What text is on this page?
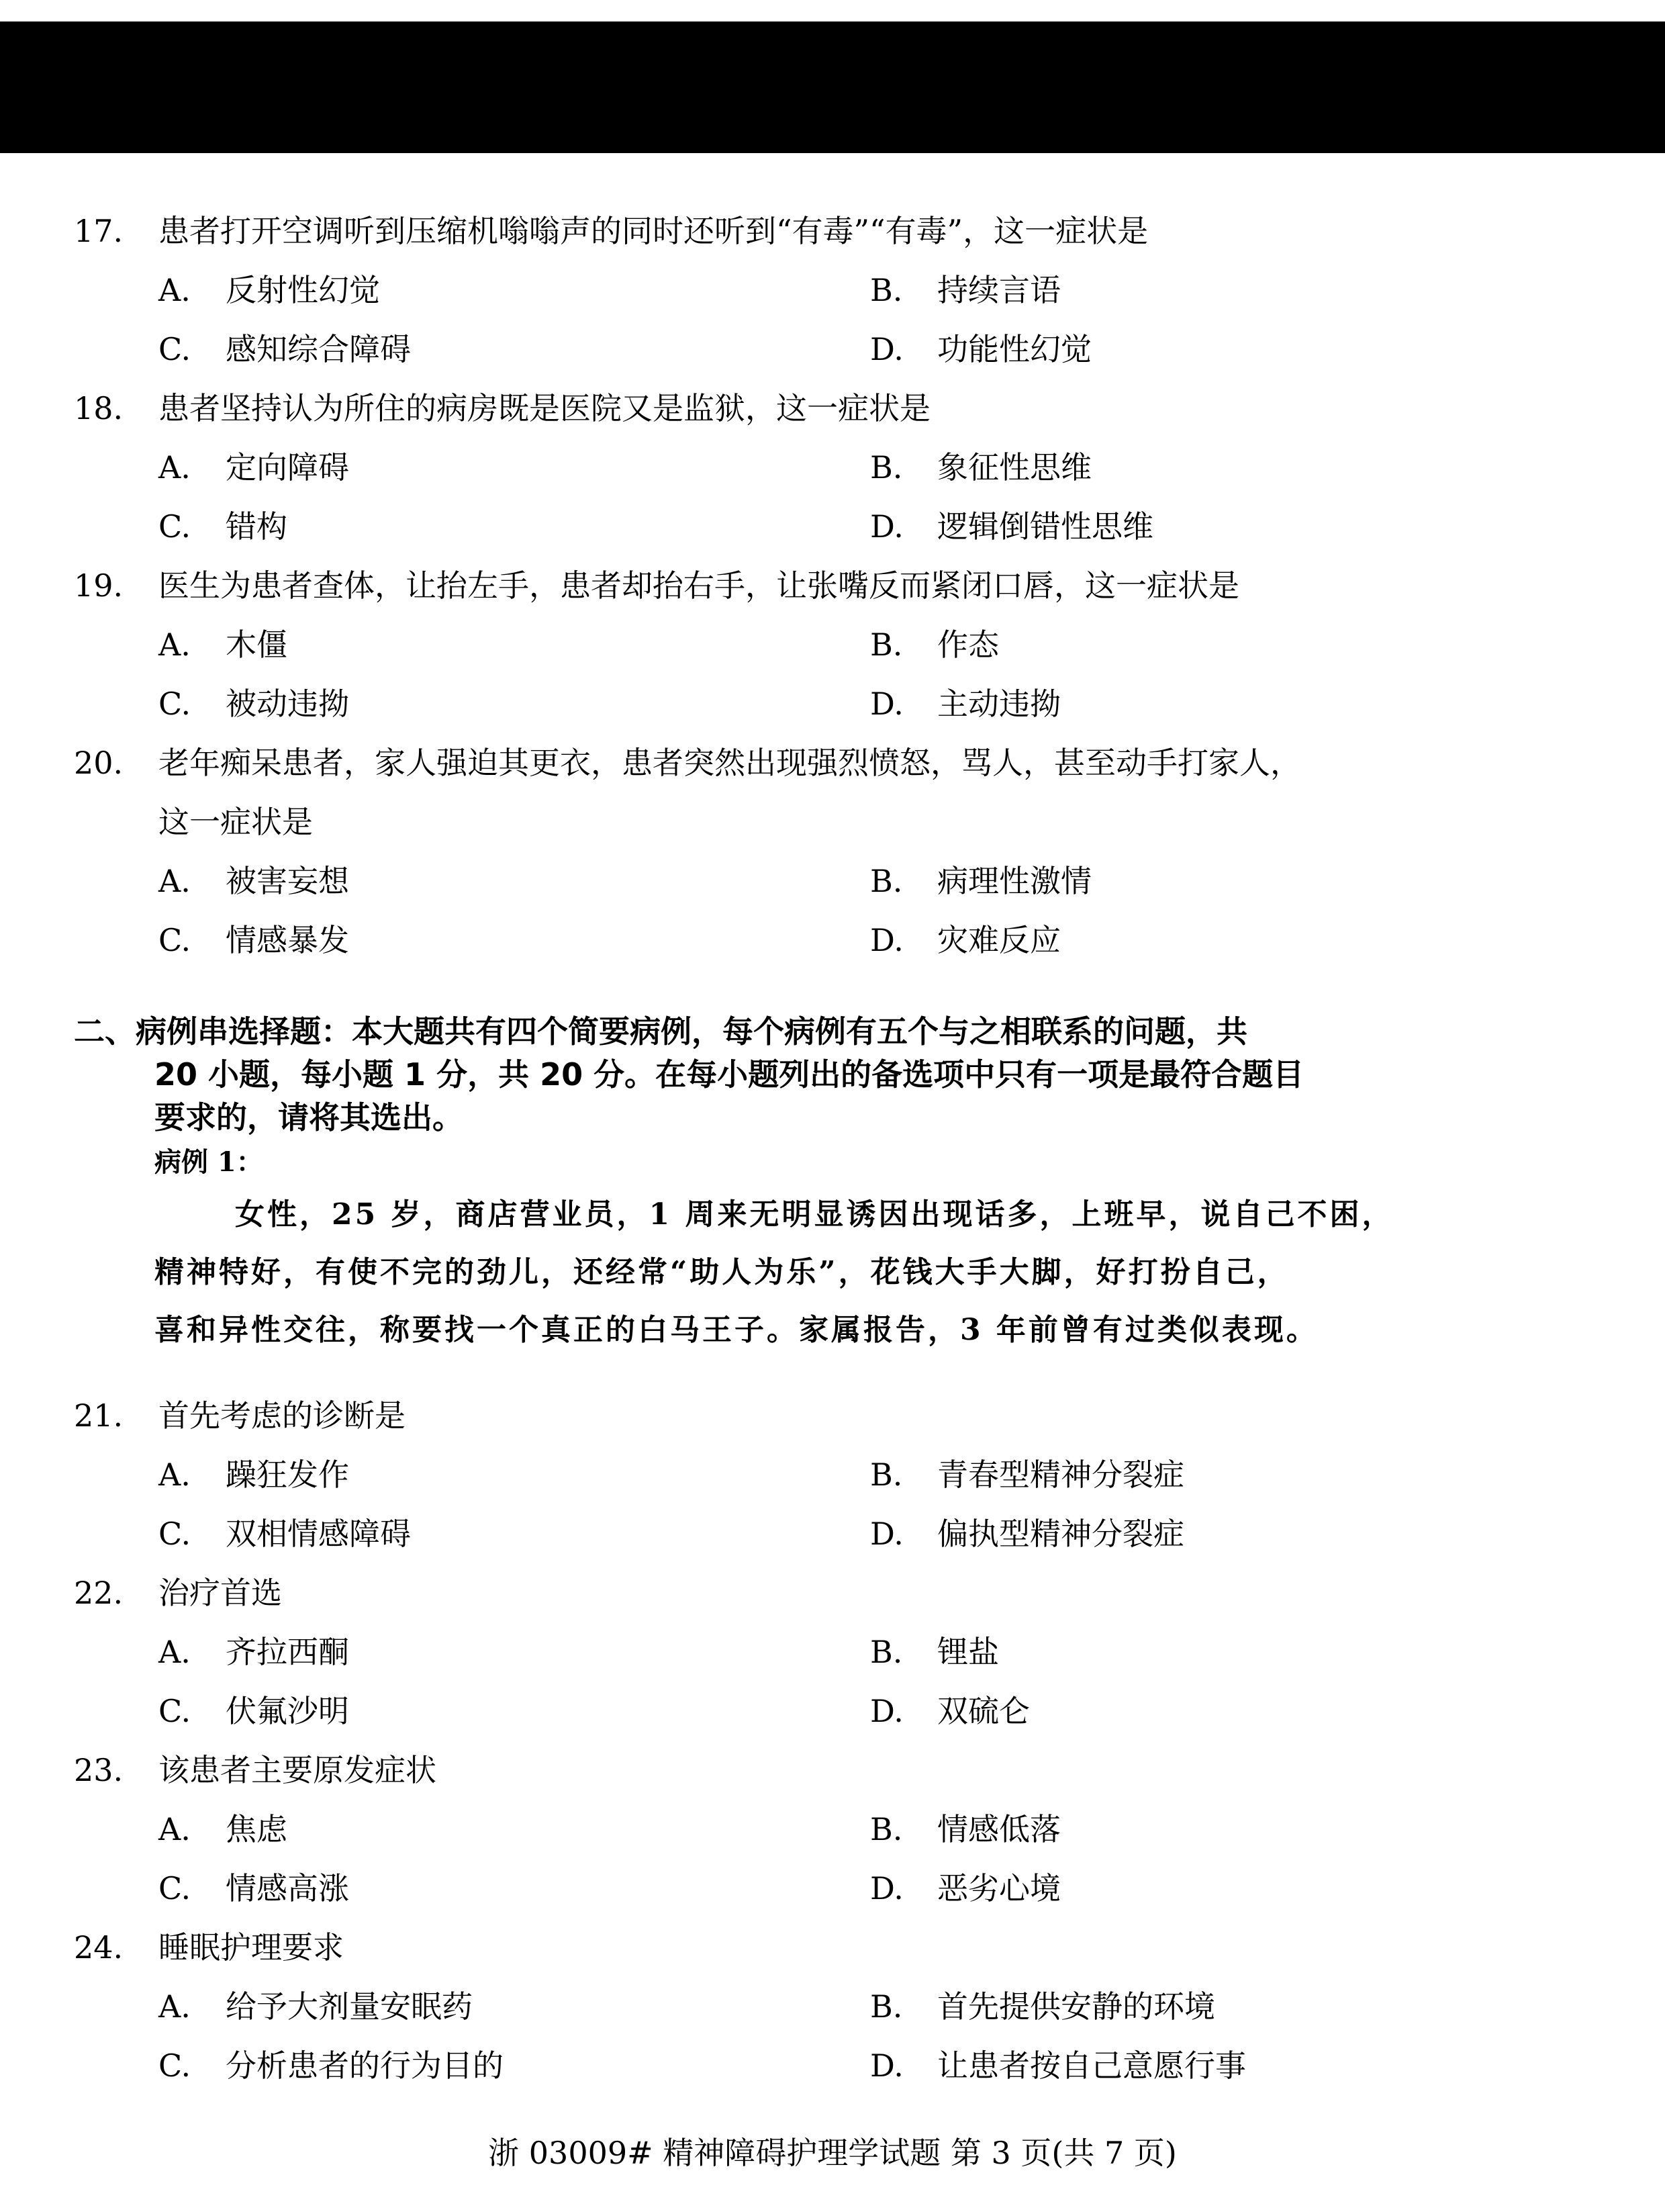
17. 患者打开空调听到压缩机嗡嗡声的同时还听到“有毒”“有毒”，这一症状是
A. 反射性幻觉	B. 持续言语
C. 感知综合障碍	D. 功能性幻觉
18. 患者坚持认为所住的病房既是医院又是监狱，这一症状是
A. 定向障碍	B. 象征性思维
C. 错构	D. 逻辑倒错性思维
19. 医生为患者查体，让抬左手，患者却抬右手，让张嘴反而紧闭口唇，这一症状是
A. 木僵	B. 作态
C. 被动违拗	D. 主动违拗
20. 老年痴呆患者，家人强迫其更衣，患者突然出现强烈愤怒，骂人，甚至动手打家人，
这一症状是
A. 被害妄想	B. 病理性激情
C. 情感暴发	D. 灾难反应
二、病例串选择题：本大题共有四个简要病例，每个病例有五个与之相联系的问题，共
20 小题，每小题 1 分，共 20 分。在每小题列出的备选项中只有一项是最符合题目
要求的，请将其选出。
病例 1：

女性，25 岁，商店营业员，1 周来无明显诱因出现话多，上班早，说自己不困，

精神特好，有使不完的劲儿，还经常“助人为乐”，花钱大手大脚，好打扮自己，

喜和异性交往，称要找一个真正的白马王子。家属报告，3 年前曾有过类似表现。

21. 首先考虑的诊断是
A. 躁狂发作	B. 青春型精神分裂症
C. 双相情感障碍	D. 偏执型精神分裂症
22. 治疗首选
A. 齐拉西酮	B. 锂盐
C. 伏氟沙明	D. 双硫仑
23. 该患者主要原发症状
A. 焦虑	B. 情感低落
C. 情感高涨	D. 恶劣心境
24. 睡眠护理要求
A. 给予大剂量安眠药	B. 首先提供安静的环境
C. 分析患者的行为目的	D. 让患者按自己意愿行事
浙 03009# 精神障碍护理学试题 第 3 页(共 7 页)
